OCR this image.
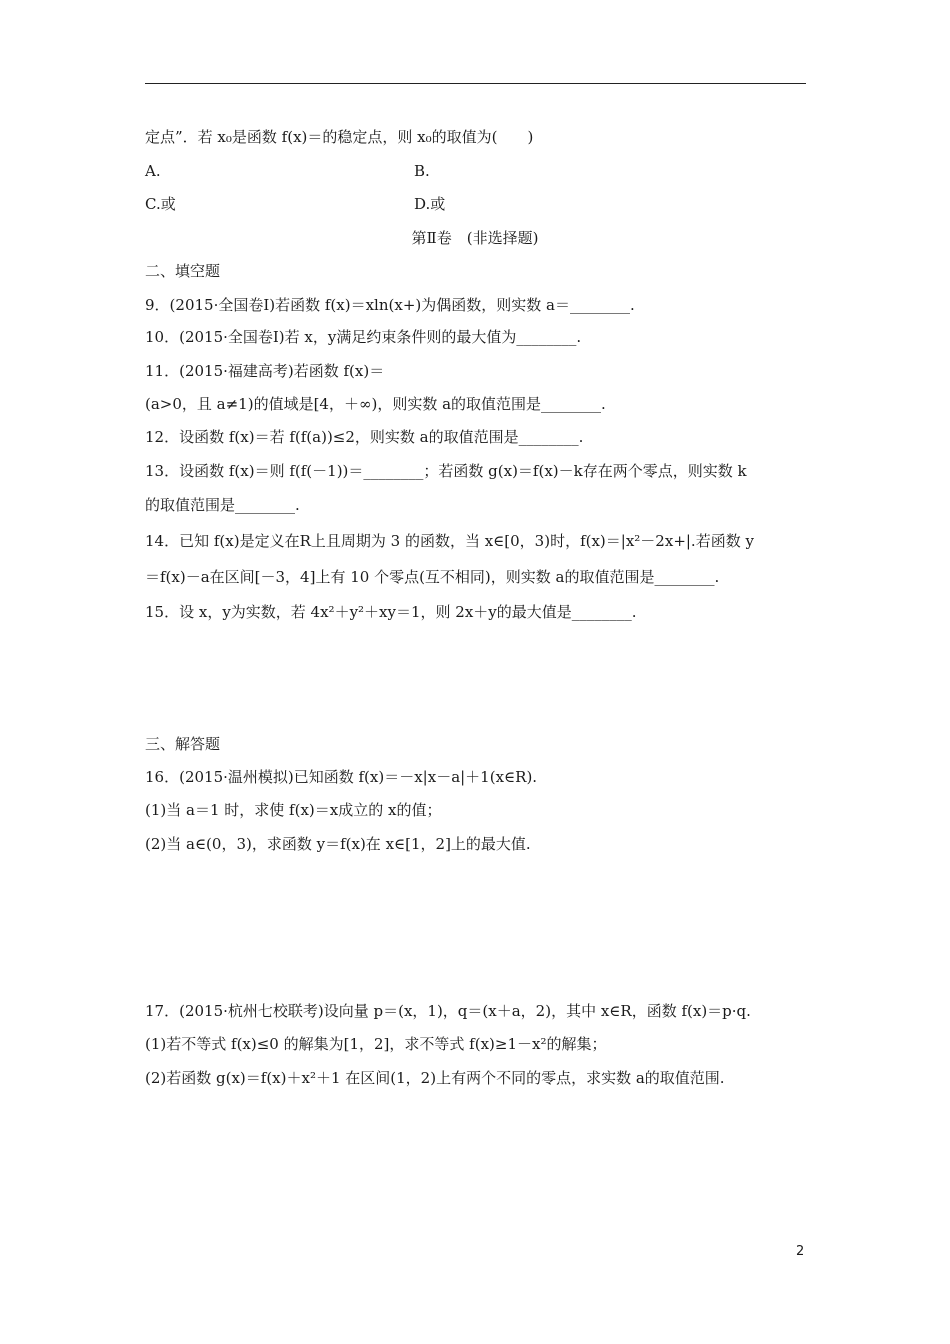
定点”．若 x₀是函数 f(x)＝的稳定点，则 x₀的取值为(　　)
A.	B.
C.或	D.或
第Ⅱ卷　(非选择题)
二、填空题
9．(2015·全国卷Ⅰ)若函数 f(x)＝xln(x+)为偶函数，则实数 a＝________.
10．(2015·全国卷Ⅰ)若 x，y满足约束条件则的最大值为________.
11．(2015·福建高考)若函数 f(x)＝
(a>0，且 a≠1)的值域是[4，＋∞)，则实数 a的取值范围是________.
12．设函数 f(x)＝若 f(f(a))≤2，则实数 a的取值范围是________.
13．设函数 f(x)＝则 f(f(－1))＝________；若函数 g(x)＝f(x)－k存在两个零点，则实数 k
的取值范围是________.
14．已知 f(x)是定义在R上且周期为 3 的函数，当 x∈[0，3)时，f(x)＝|x²－2x+|.若函数 y
＝f(x)－a在区间[－3，4]上有 10 个零点(互不相同)，则实数 a的取值范围是________.
15．设 x，y为实数，若 4x²＋y²＋xy＝1，则 2x＋y的最大值是________.
三、解答题
16．(2015·温州模拟)已知函数 f(x)＝－x|x－a|＋1(x∈R).
(1)当 a＝1 时，求使 f(x)＝x成立的 x的值；
(2)当 a∈(0，3)，求函数 y＝f(x)在 x∈[1，2]上的最大值.
17．(2015·杭州七校联考)设向量 p＝(x，1)，q＝(x＋a，2)，其中 x∈R，函数 f(x)＝p·q.
(1)若不等式 f(x)≤0 的解集为[1，2]，求不等式 f(x)≥1－x²的解集；
(2)若函数 g(x)＝f(x)＋x²＋1 在区间(1，2)上有两个不同的零点，求实数 a的取值范围.
2
